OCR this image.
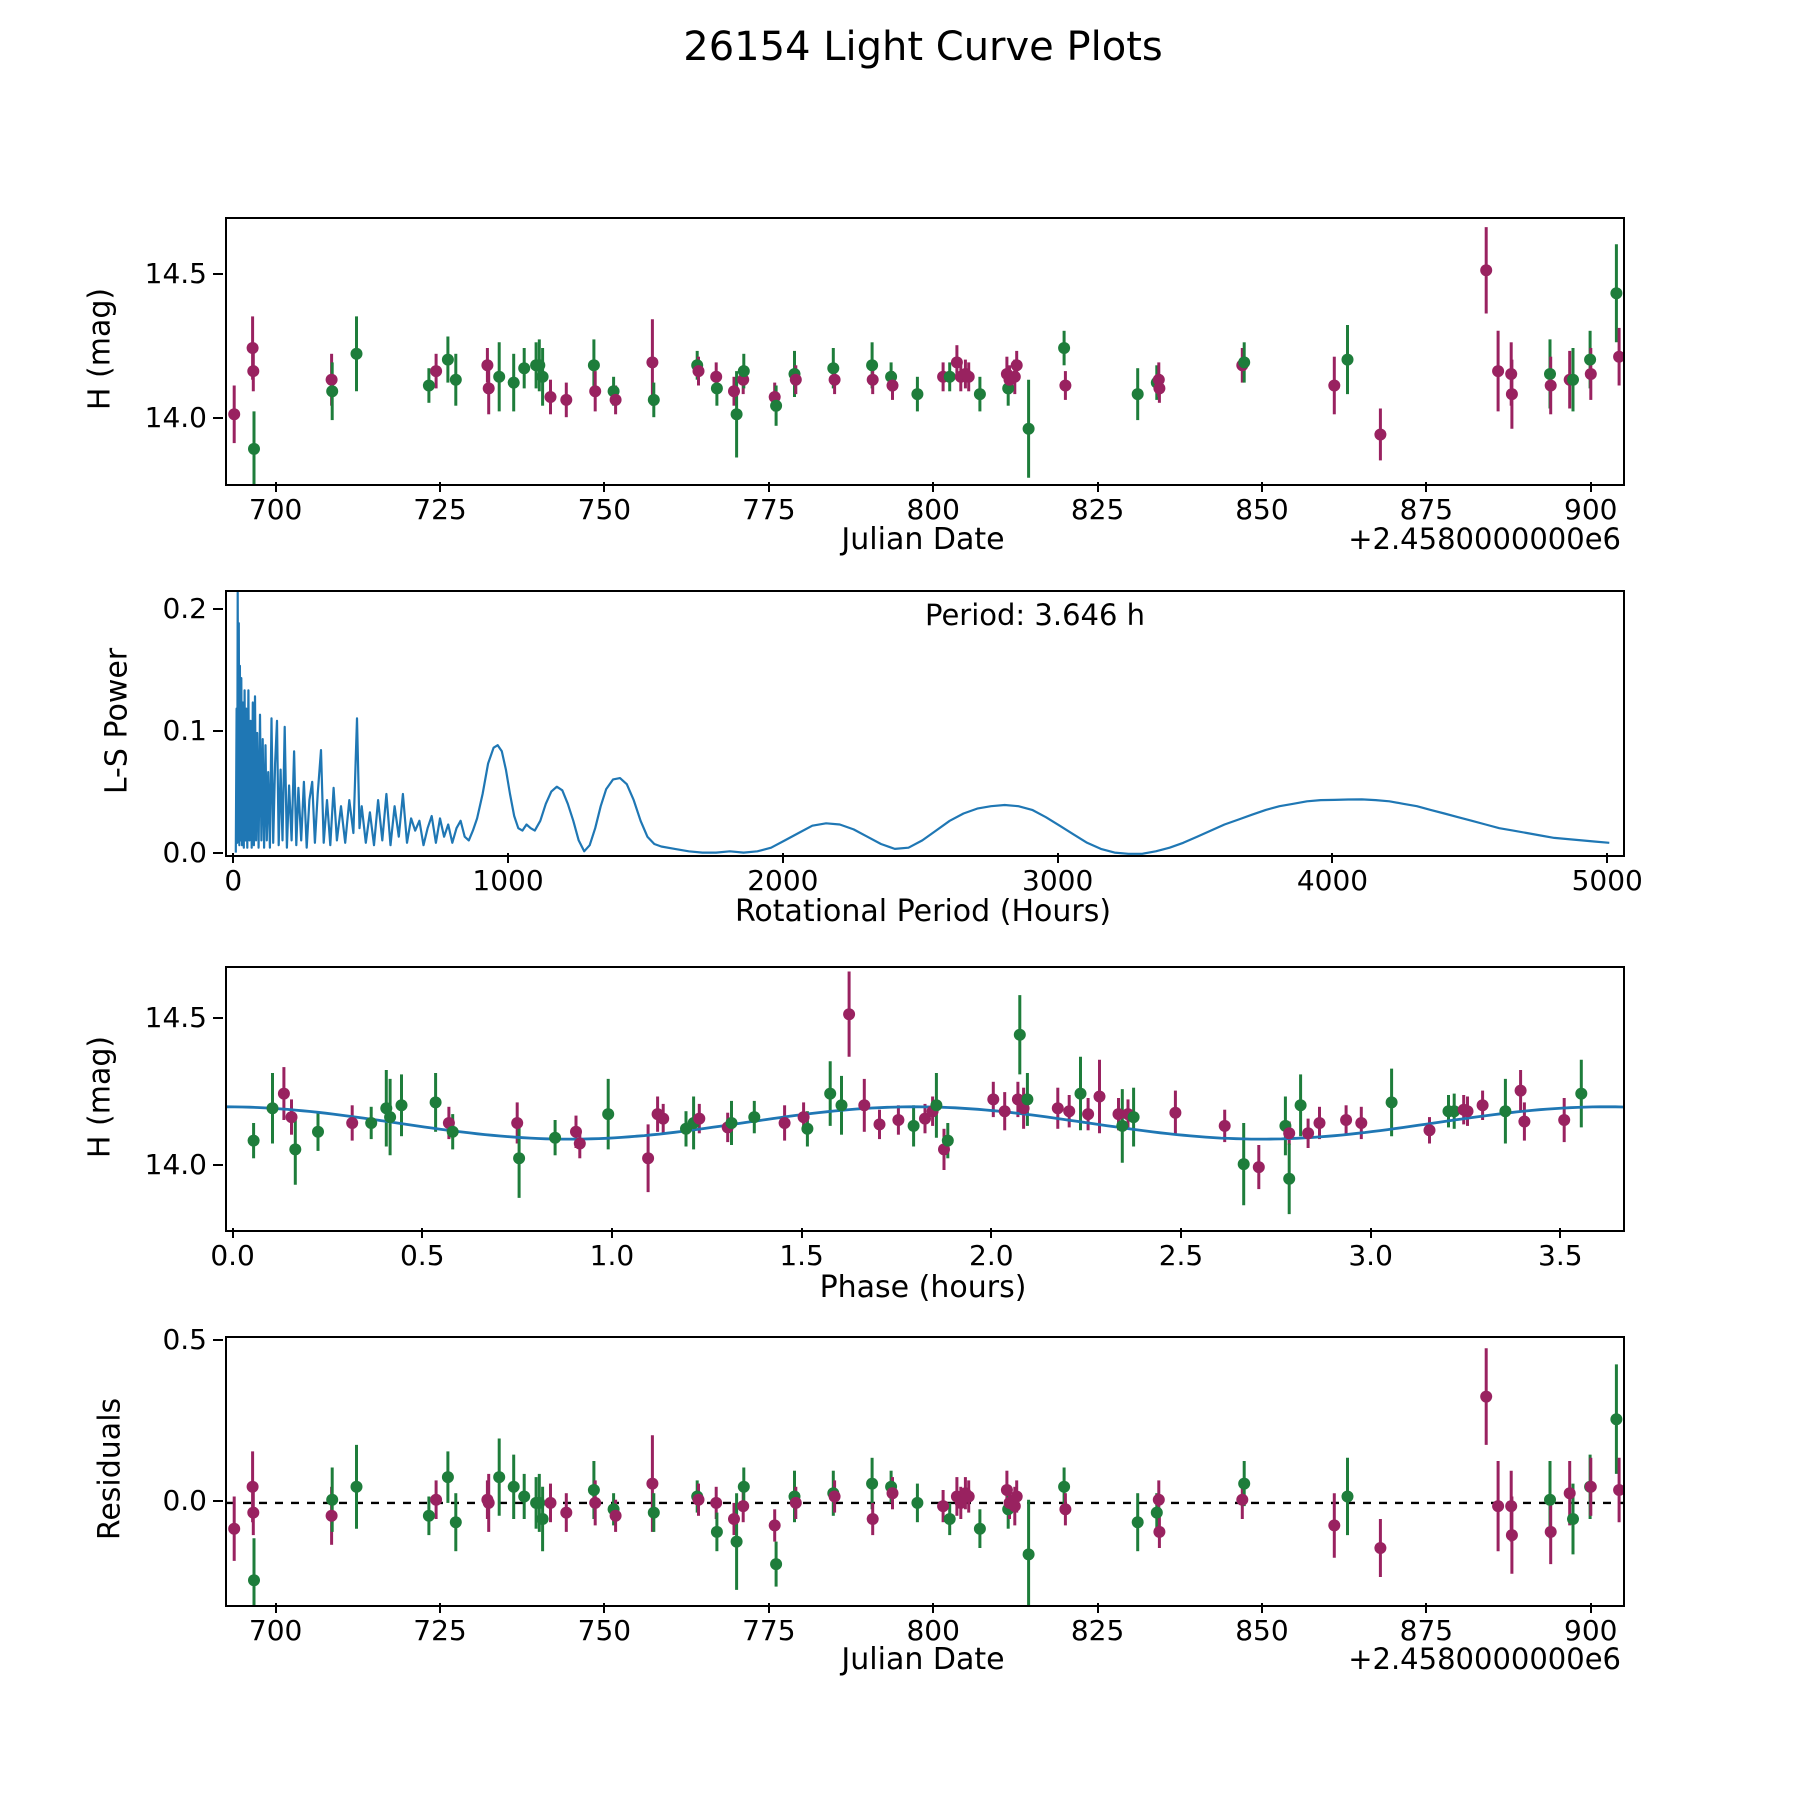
26154 Light Curve Plots
H (mag)
Julian Date	+2.4580000000e6
L-S Power
Rotational Period (Hours)
Period: 3.646 h
H (mag)
Phase (hours)
Residuals
Julian Date	+2.4580000000e6
700	725	750	775	800	825	850	875	900
14.0
14.5
0	1000	2000	3000	4000	5000
0.0
0.1
0.2
0.0	0.5	1.0	1.5	2.0	2.5	3.0	3.5
14.0
14.5
700	725	750	775	800	825	850	875	900
0.0
0.5
